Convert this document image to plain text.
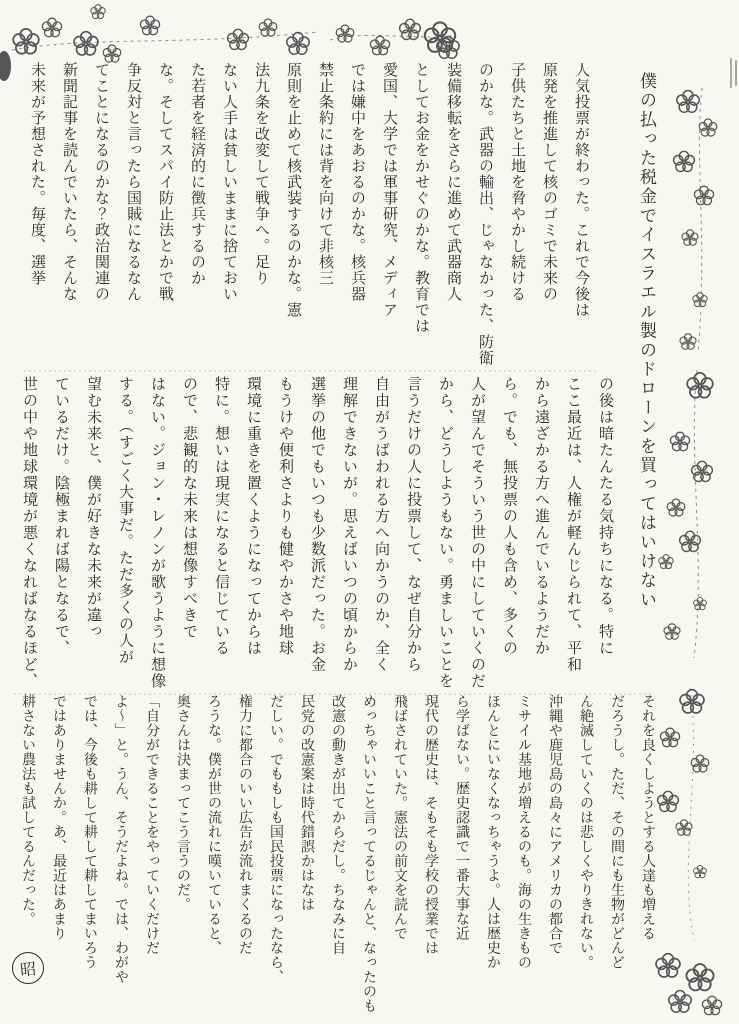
僕の払った税金でイスラエル製のドローンを買ってはいけない
人気投票が終わった。これで今後は
原発を推進して核のゴミで未来の
子供たちと土地を脅やかし続ける
のかな。武器の輸出、じゃなかった、防衛
装備移転をさらに進めて武器商人
としてお金をかせぐのかな。教育では
愛国、大学では軍事研究、メディア
では嫌中をあおるのかな。核兵器
禁止条約には背を向けて非核三
原則を止めて核武装するのかな。憲
法九条を改変して戦争へ。足り
ない人手は貧しいままに捨ておい
た若者を経済的に徴兵するのか
な。そしてスパイ防止法とかで戦
争反対と言ったら国賊になるなん
てことになるのかな？政治関連の
新聞記事を読んでいたら、そんな
未来が予想された。毎度、選挙
の後は暗たんたる気持ちになる。特に
ここ最近は、人権が軽んじられて、平和
から遠ざかる方へ進んでいるようだか
ら。でも、無投票の人も含め、多くの
人が望んでそういう世の中にしていくのだ
から、どうしようもない。勇ましいことを
言うだけの人に投票して、なぜ自分から
自由がうばわれる方へ向かうのか、全く
理解できないが。思えばいつの頃からか
選挙の他でもいつも少数派だった。お金
もうけや便利さよりも健やかさや地球
環境に重きを置くようになってからは
特に。想いは現実になると信じている
ので、悲観的な未来は想像すべきで
はない。ジョン・レノンが歌うように想像
する。（すごく大事だ。ただ多くの人が
望む未来と、僕が好きな未来が違っ
ているだけ。陰極まれば陽となるで、
世の中や地球環境が悪くなればなるほど、
それを良くしようとする人達も増える
だろうし。ただ、その間にも生物がどんど
ん絶滅していくのは悲しくやりきれない。
沖縄や鹿児島の島々にアメリカの都合で
ミサイル基地が増えるのも。海の生きもの
ほんとにいなくなっちゃうよ。人は歴史か
ら学ばない。歴史認識で一番大事な近
現代の歴史は、そもそも学校の授業では
飛ばされていた。憲法の前文を読んで
めっちゃいいこと言ってるじゃんと、なったのも
改憲の動きが出てからだし。ちなみに自
民党の改憲案は時代錯誤かはなは
だしい。でももしも国民投票になったなら、
権力に都合のいい広告が流れまくるのだ
ろうな。僕が世の流れに嘆いていると、
奥さんは決まってこう言うのだ。
「自分ができることをやっていくだけだ
よ〜」と。うん、そうだよね。では、わがや
では、今後も耕して耕して耕してまいろう
ではありませんか。あ、最近はあまり
耕さない農法も試してるんだった。
昭
